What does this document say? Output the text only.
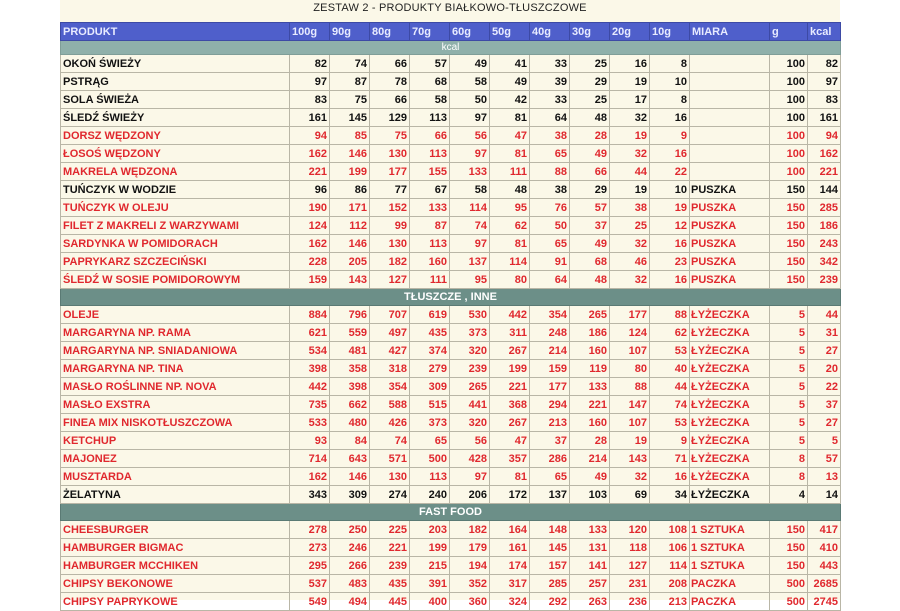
ZESTAW 2 - PRODUKTY BIAŁKOWO-TŁUSZCZOWE
PRODUKT	100g	90g	80g	70g	60g	50g	40g	30g	20g	10g	MIARA	g	kcal
kcal													
OKOŃ ŚWIEŻY	82	74	66	57	49	41	33	25	16	8		100	82
PSTRĄG	97	87	78	68	58	49	39	29	19	10		100	97
SOLA ŚWIEŻA	83	75	66	58	50	42	33	25	17	8		100	83
ŚLEDŹ ŚWIEŻY	161	145	129	113	97	81	64	48	32	16		100	161
DORSZ WĘDZONY	94	85	75	66	56	47	38	28	19	9		100	94
ŁOSOŚ WĘDZONY	162	146	130	113	97	81	65	49	32	16		100	162
MAKRELA WĘDZONA	221	199	177	155	133	111	88	66	44	22		100	221
TUŃCZYK W WODZIE	96	86	77	67	58	48	38	29	19	10	PUSZKA	150	144
TUŃCZYK W OLEJU	190	171	152	133	114	95	76	57	38	19	PUSZKA	150	285
FILET Z MAKRELI Z WARZYWAMI	124	112	99	87	74	62	50	37	25	12	PUSZKA	150	186
SARDYNKA W POMIDORACH	162	146	130	113	97	81	65	49	32	16	PUSZKA	150	243
PAPRYKARZ SZCZECIŃSKI	228	205	182	160	137	114	91	68	46	23	PUSZKA	150	342
ŚLEDŹ W SOSIE POMIDOROWYM	159	143	127	111	95	80	64	48	32	16	PUSZKA	150	239
TŁUSZCZE , INNE													
OLEJE	884	796	707	619	530	442	354	265	177	88	ŁYŻECZKA	5	44
MARGARYNA NP. RAMA	621	559	497	435	373	311	248	186	124	62	ŁYŻECZKA	5	31
MARGARYNA NP. SNIADANIOWA	534	481	427	374	320	267	214	160	107	53	ŁYŻECZKA	5	27
MARGARYNA NP. TINA	398	358	318	279	239	199	159	119	80	40	ŁYŻECZKA	5	20
MASŁO ROŚLINNE NP. NOVA	442	398	354	309	265	221	177	133	88	44	ŁYŻECZKA	5	22
MASŁO EXSTRA	735	662	588	515	441	368	294	221	147	74	ŁYŻECZKA	5	37
FINEA MIX NISKOTŁUSZCZOWA	533	480	426	373	320	267	213	160	107	53	ŁYŻECZKA	5	27
KETCHUP	93	84	74	65	56	47	37	28	19	9	ŁYŻECZKA	5	5
MAJONEZ	714	643	571	500	428	357	286	214	143	71	ŁYŻECZKA	8	57
MUSZTARDA	162	146	130	113	97	81	65	49	32	16	ŁYŻECZKA	8	13
ŻELATYNA	343	309	274	240	206	172	137	103	69	34	ŁYŻECZKA	4	14
FAST FOOD													
CHEESBURGER	278	250	225	203	182	164	148	133	120	108	1 SZTUKA	150	417
HAMBURGER BIGMAC	273	246	221	199	179	161	145	131	118	106	1 SZTUKA	150	410
HAMBURGER MCCHIKEN	295	266	239	215	194	174	157	141	127	114	1 SZTUKA	150	443
CHIPSY BEKONOWE	537	483	435	391	352	317	285	257	231	208	PACZKA	500	2685
CHIPSY PAPRYKOWE	549	494	445	400	360	324	292	263	236	213	PACZKA	500	2745
